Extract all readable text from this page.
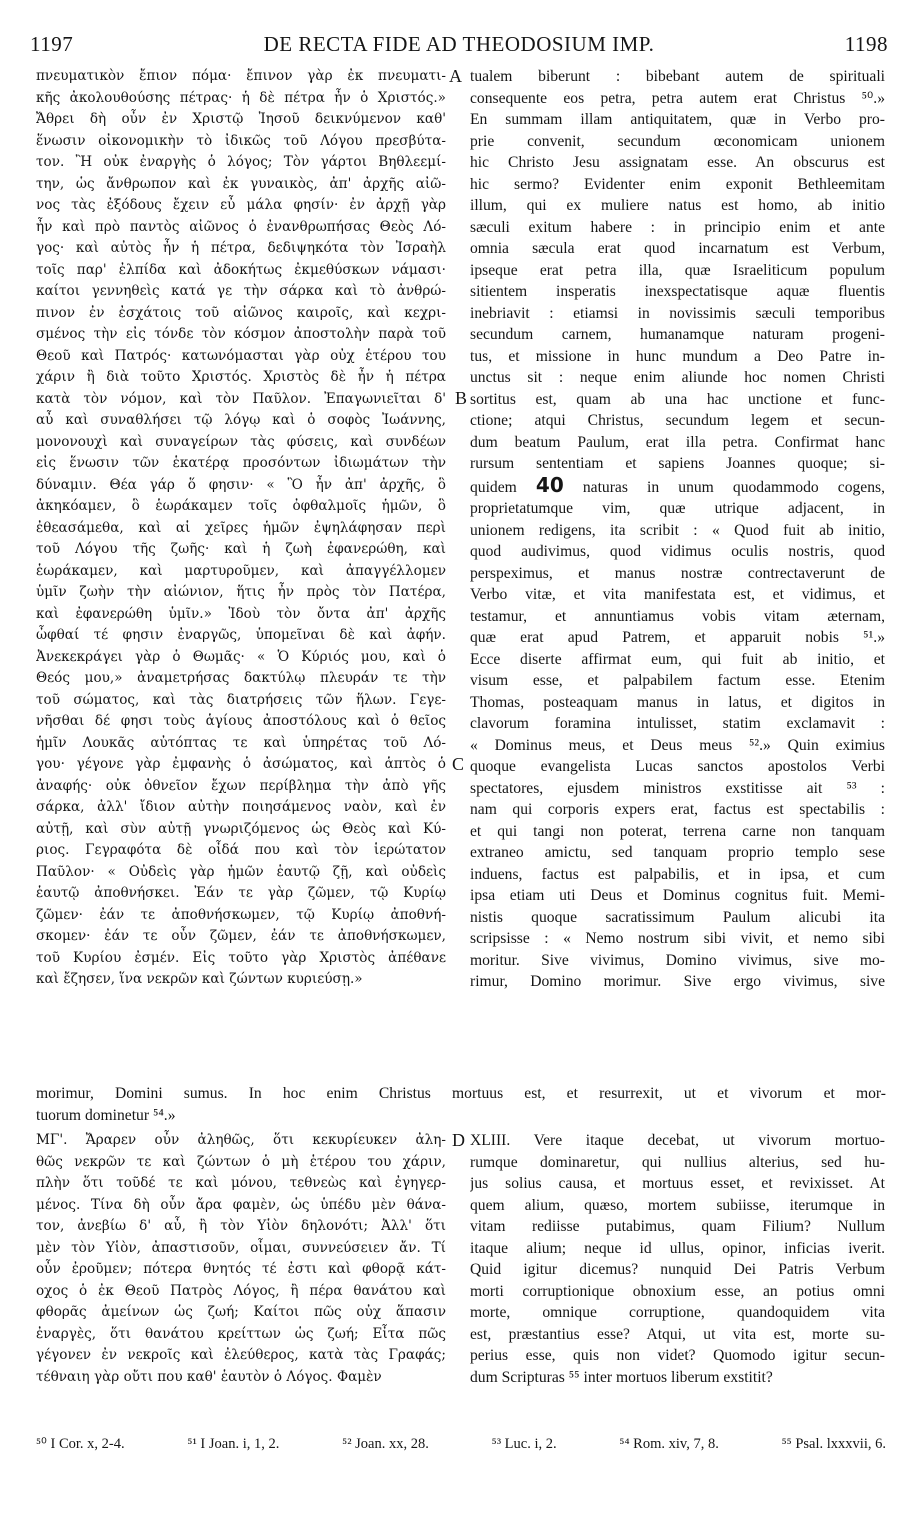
1197	DE RECTA FIDE AD THEODOSIUM IMP.	1198

πνευματικὸν ἔπιον πόμα· ἔπινον γὰρ ἐκ πνευματι-

κῆς ἀκολουθούσης πέτρας· ἡ δὲ πέτρα ἦν ὁ Χριστός.»

Ἄθρει δὴ οὖν ἐν Χριστῷ Ἰησοῦ δεικνύμενον καθ'

ἕνωσιν οἰκονομικὴν τὸ ἰδικῶς τοῦ Λόγου πρεσβύτα-

τον. Ἢ οὐκ ἐναργὴς ὁ λόγος; Τὸν γάρτοι Βηθλεεμί-

την, ὡς ἄνθρωπον καὶ ἐκ γυναικὸς, ἀπ' ἀρχῆς αἰῶ-

νος τὰς ἐξόδους ἔχειν εὖ μάλα φησίν· ἐν ἀρχῇ γὰρ

ἦν καὶ πρὸ παντὸς αἰῶνος ὁ ἐνανθρωπήσας Θεὸς Λό-

γος· καὶ αὐτὸς ἦν ἡ πέτρα, δεδιψηκότα τὸν Ἰσραὴλ

τοῖς παρ' ἐλπίδα καὶ ἀδοκήτως ἐκμεθύσκων νάμασι·

καίτοι γεννηθεὶς κατά γε τὴν σάρκα καὶ τὸ ἀνθρώ-

πινον ἐν ἐσχάτοις τοῦ αἰῶνος καιροῖς, καὶ κεχρι-

σμένος τὴν εἰς τόνδε τὸν κόσμον ἀποστολὴν παρὰ τοῦ

Θεοῦ καὶ Πατρός· κατωνόμασται γὰρ οὐχ ἑτέρου του

χάριν ἢ διὰ τοῦτο Χριστός. Χριστὸς δὲ ἦν ἡ πέτρα

κατὰ τὸν νόμον, καὶ τὸν Παῦλον. Ἐπαγωνιεῖται δ'

αὖ καὶ συναθλήσει τῷ λόγῳ καὶ ὁ σοφὸς Ἰωάννης,

μονονουχὶ καὶ συναγείρων τὰς φύσεις, καὶ συνδέων

εἰς ἕνωσιν τῶν ἑκατέρᾳ προσόντων ἰδιωμάτων τὴν

δύναμιν. Θέα γάρ ὅ φησιν· « Ὃ ἦν ἀπ' ἀρχῆς, ὃ

ἀκηκόαμεν, ὃ ἑωράκαμεν τοῖς ὀφθαλμοῖς ἡμῶν, ὃ

ἐθεασάμεθα, καὶ αἱ χεῖρες ἡμῶν ἐψηλάφησαν περὶ

τοῦ Λόγου τῆς ζωῆς· καὶ ἡ ζωὴ ἐφανερώθη, καὶ

ἑωράκαμεν, καὶ μαρτυροῦμεν, καὶ ἀπαγγέλλομεν

ὑμῖν ζωὴν τὴν αἰώνιον, ἥτις ἦν πρὸς τὸν Πατέρα,

καὶ ἐφανερώθη ὑμῖν.» Ἰδοὺ τὸν ὄντα ἀπ' ἀρχῆς

ὦφθαί τέ φησιν ἐναργῶς, ὑπομεῖναι δὲ καὶ ἀφήν.

Ἀνεκεκράγει γὰρ ὁ Θωμᾶς· « Ὁ Κύριός μου, καὶ ὁ

Θεός μου,» ἀναμετρήσας δακτύλῳ πλευράν τε τὴν

τοῦ σώματος, καὶ τὰς διατρήσεις τῶν ἥλων. Γεγε-

νῆσθαι δέ φησι τοὺς ἁγίους ἀποστόλους καὶ ὁ θεῖος

ἡμῖν Λουκᾶς αὐτόπτας τε καὶ ὑπηρέτας τοῦ Λό-

γου· γέγονε γὰρ ἐμφανὴς ὁ ἀσώματος, καὶ ἁπτὸς ὁ

ἀναφής· οὐκ ὀθνεῖον ἔχων περίβλημα τὴν ἀπὸ γῆς

σάρκα, ἀλλ' ἴδιον αὐτὴν ποιησάμενος ναὸν, καὶ ἐν

αὐτῇ, καὶ σὺν αὐτῇ γνωριζόμενος ὡς Θεὸς καὶ Κύ-

ριος. Γεγραφότα δὲ οἶδά που καὶ τὸν ἱερώτατον

Παῦλον· « Οὐδεὶς γὰρ ἡμῶν ἑαυτῷ ζῇ, καὶ οὐδεὶς

ἑαυτῷ ἀποθνήσκει. Ἐάν τε γὰρ ζῶμεν, τῷ Κυρίῳ

ζῶμεν· ἐάν τε ἀποθνήσκωμεν, τῷ Κυρίῳ ἀποθνή-

σκομεν· ἐάν τε οὖν ζῶμεν, ἐάν τε ἀποθνήσκωμεν,

τοῦ Κυρίου ἐσμέν. Εἰς τοῦτο γὰρ Χριστὸς ἀπέθανε

καὶ ἔζησεν, ἵνα νεκρῶν καὶ ζώντων κυριεύσῃ.»

tualem biberunt : bibebant autem de spirituali

consequente eos petra, petra autem erat Christus ⁵⁰.»

En summam illam antiquitatem, quæ in Verbo pro-

prie convenit, secundum œconomicam unionem

hic Christo Jesu assignatam esse. An obscurus est

hic sermo? Evidenter enim exponit Bethleemitam

illum, qui ex muliere natus est homo, ab initio

sæculi exitum habere : in principio enim et ante

omnia sæcula erat quod incarnatum est Verbum,

ipseque erat petra illa, quæ Israeliticum populum

sitientem insperatis inexspectatisque aquæ fluentis

inebriavit : etiamsi in novissimis sæculi temporibus

secundum carnem, humanamque naturam progeni-

tus, et missione in hunc mundum a Deo Patre in-

unctus sit : neque enim aliunde hoc nomen Christi

sortitus est, quam ab una hac unctione et func-

ctione; atqui Christus, secundum legem et secun-

dum beatum Paulum, erat illa petra. Confirmat hanc

rursum sententiam et sapiens Joannes quoque; si-

quidem 40 naturas in unum quodammodo cogens,

proprietatumque vim, quæ utrique adjacent, in

unionem redigens, ita scribit : « Quod fuit ab initio,

quod audivimus, quod vidimus oculis nostris, quod

perspeximus, et manus nostræ contrectaverunt de

Verbo vitæ, et vita manifestata est, et vidimus, et

testamur, et annuntiamus vobis vitam æternam,

quæ erat apud Patrem, et apparuit nobis ⁵¹.»

Ecce diserte affirmat eum, qui fuit ab initio, et

visum esse, et palpabilem factum esse. Etenim

Thomas, posteaquam manus in latus, et digitos in

clavorum foramina intulisset, statim exclamavit :

« Dominus meus, et Deus meus ⁵².» Quin eximius

quoque evangelista Lucas sanctos apostolos Verbi

spectatores, ejusdem ministros exstitisse ait ⁵³ :

nam qui corporis expers erat, factus est spectabilis :

et qui tangi non poterat, terrena carne non tanquam

extraneo amictu, sed tanquam proprio templo sese

induens, factus est palpabilis, et in ipsa, et cum

ipsa etiam uti Deus et Dominus cognitus fuit. Memi-

nistis quoque sacratissimum Paulum alicubi ita

scripsisse : « Nemo nostrum sibi vivit, et nemo sibi

moritur. Sive vivimus, Domino vivimus, sive mo-

rimur, Domino morimur. Sive ergo vivimus, sive

morimur, Domini sumus. In hoc enim Christus mortuus est, et resurrexit, ut et vivorum et mor-

tuorum dominetur ⁵⁴.»

ΜΓ'. Ἄραρεν οὖν ἀληθῶς, ὅτι κεκυρίευκεν ἀλη-

θῶς νεκρῶν τε καὶ ζώντων ὁ μὴ ἑτέρου του χάριν,

πλὴν ὅτι τοῦδέ τε καὶ μόνου, τεθνεὼς καὶ ἐγηγερ-

μένος. Τίνα δὴ οὖν ἄρα φαμὲν, ὡς ὑπέδυ μὲν θάνα-

τον, ἀνεβίω δ' αὖ, ἢ τὸν Υἱὸν δηλονότι; Ἀλλ' ὅτι

μὲν τὸν Υἱὸν, ἀπαστισοῦν, οἶμαι, συννεύσειεν ἄν. Τί

οὖν ἐροῦμεν; πότερα θνητός τέ ἐστι καὶ φθορᾷ κάτ-

οχος ὁ ἐκ Θεοῦ Πατρὸς Λόγος, ἢ πέρα θανάτου καὶ

φθορᾶς ἀμείνων ὡς ζωή; Καίτοι πῶς οὐχ ἅπασιν

ἐναργὲς, ὅτι θανάτου κρείττων ὡς ζωή; Εἶτα πῶς

γέγονεν ἐν νεκροῖς καὶ ἐλεύθερος, κατὰ τὰς Γραφάς;

τέθναιη γὰρ οὔτι που καθ' ἑαυτὸν ὁ Λόγος. Φαμὲν

XLIII. Vere itaque decebat, ut vivorum mortuo-

rumque dominaretur, qui nullius alterius, sed hu-

jus solius causa, et mortuus esset, et revixisset. At

quem alium, quæso, mortem subiisse, iterumque in

vitam rediisse putabimus, quam Filium? Nullum

itaque alium; neque id ullus, opinor, inficias iverit.

Quid igitur dicemus? nunquid Dei Patris Verbum

morti corruptionique obnoxium esse, an potius omni

morte, omnique corruptione, quandoquidem vita

est, præstantius esse? Atqui, ut vita est, morte su-

perius esse, quis non videt? Quomodo igitur secun-

dum Scripturas ⁵⁵ inter mortuos liberum exstitit?

A
B
C
D
⁵⁰ I Cor. x, 2-4.	⁵¹ I Joan. i, 1, 2.	⁵² Joan. xx, 28.	⁵³ Luc. i, 2.	⁵⁴ Rom. xiv, 7, 8.	⁵⁵ Psal. lxxxvii, 6.
